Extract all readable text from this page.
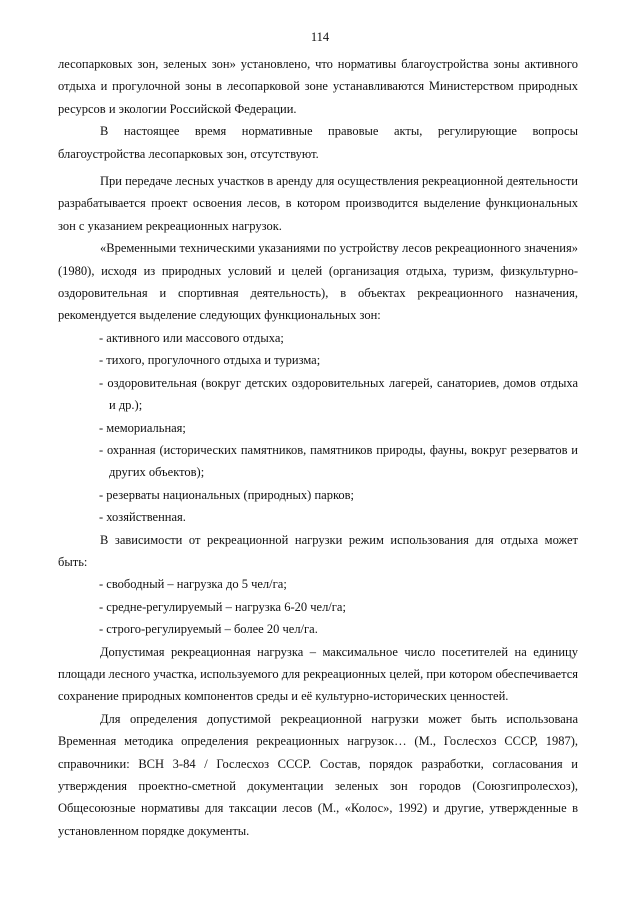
114

лесопарковых зон, зеленых зон» установлено, что нормативы благоустройства зоны активного отдыха и прогулочной зоны в лесопарковой зоне устанавливаются Министерством природных ресурсов и экологии Российской Федерации.

В настоящее время нормативные правовые акты, регулирующие вопросы благоустройства лесопарковых зон, отсутствуют.

При передаче лесных участков в аренду для осуществления рекреационной деятельности разрабатывается проект освоения лесов, в котором производится выделение функциональных зон с указанием рекреационных нагрузок.

«Временными техническими указаниями по устройству лесов рекреационного значения» (1980), исходя из природных условий и целей (организация отдыха, туризм, физкультурно-оздоровительная и спортивная деятельность), в объектах рекреационного назначения, рекомендуется выделение следующих функциональных зон:

- активного или массового отдыха;

- тихого, прогулочного отдыха и туризма;

- оздоровительная (вокруг детских оздоровительных лагерей, санаториев, домов отдыха и др.);

- мемориальная;

- охранная (исторических памятников, памятников природы, фауны, вокруг резерватов и других объектов);

- резерваты национальных (природных) парков;

- хозяйственная.

В зависимости от рекреационной нагрузки режим использования для отдыха может быть:

- свободный – нагрузка до 5 чел/га;

- средне-регулируемый – нагрузка 6-20 чел/га;

- строго-регулируемый – более 20 чел/га.

Допустимая рекреационная нагрузка – максимальное число посетителей на единицу площади лесного участка, используемого для рекреационных целей, при котором обеспечивается сохранение природных компонентов среды и её культурно-исторических ценностей.

Для определения допустимой рекреационной нагрузки может быть использована Временная методика определения рекреационных нагрузок… (М., Гослесхоз СССР, 1987), справочники: ВСН 3-84 / Гослесхоз СССР. Состав, порядок разработки, согласования и утверждения проектно-сметной документации зеленых зон городов (Союзгипролесхоз), Общесоюзные нормативы для таксации лесов (М., «Колос», 1992) и другие, утвержденные в установленном порядке документы.
